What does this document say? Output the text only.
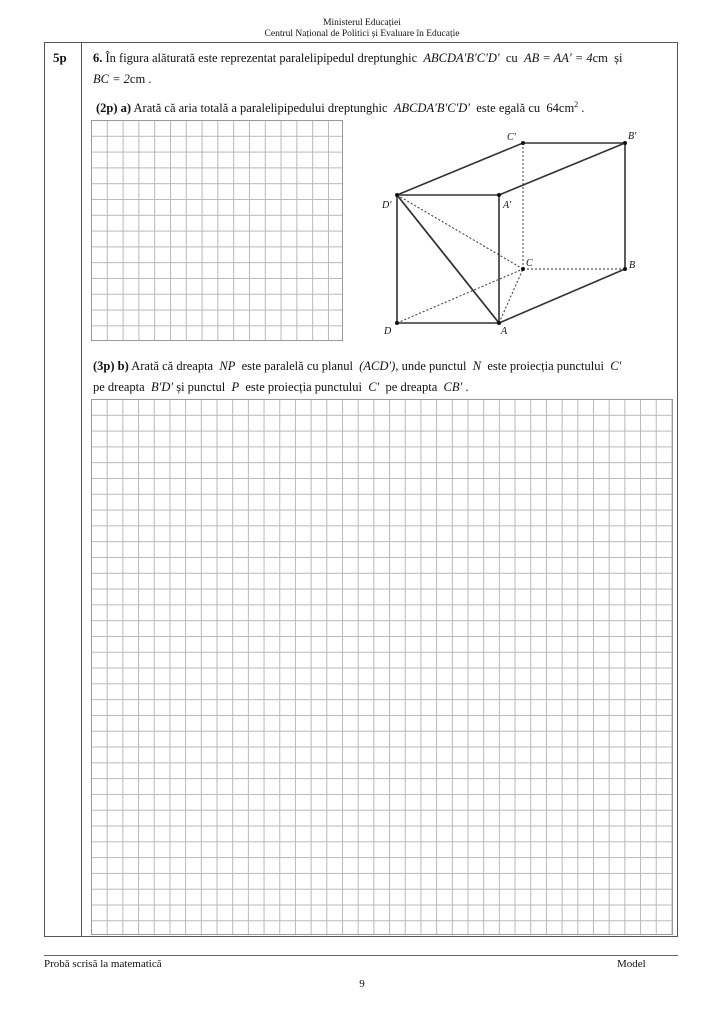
Ministerul Educației
Centrul Național de Politici și Evaluare în Educație
5p 6. În figura alăturată este reprezentat paralelipipedul dreptunghic ABCDA′B′C′D′ cu AB = AA′ = 4cm și
BC = 2cm .
(2p) a) Arată că aria totală a paralelipipedului dreptunghic ABCDA′B′C′D′ este egală cu $64cm^2$ .
C′	B′
D′	A′
C	B
D	A
(3p) b) Arată că dreapta NP este paralelă cu planul (ACD′), unde punctul N este proiecția punctului C′
pe dreapta B′D′ și punctul P este proiecția punctului C′ pe dreapta CB′ .
Probă scrisă la matematică	Model
9
